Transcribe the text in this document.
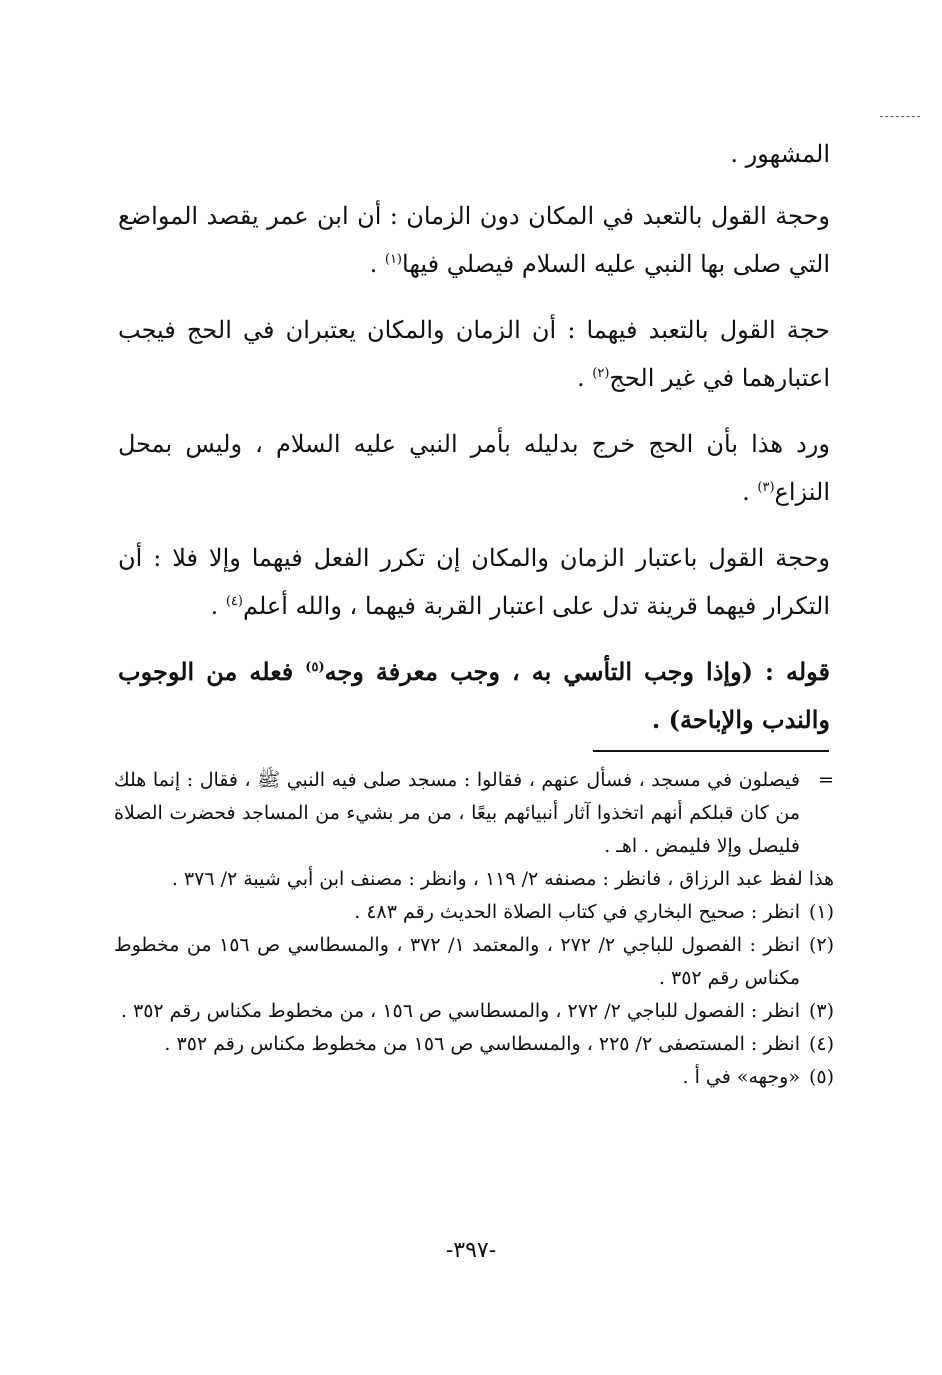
المشهور .

وحجة القول بالتعبد في المكان دون الزمان : أن ابن عمر يقصد المواضع التي صلى بها النبي عليه السلام فيصلي فيها$^{(١)}$ .

حجة القول بالتعبد فيهما : أن الزمان والمكان يعتبران في الحج فيجب اعتبارهما في غير الحج$^{(٢)}$ .

ورد هذا بأن الحج خرج بدليله بأمر النبي عليه السلام ، وليس بمحل النزاع$^{(٣)}$ .

وحجة القول باعتبار الزمان والمكان إن تكرر الفعل فيهما وإلا فلا : أن التكرار فيهما قرينة تدل على اعتبار القربة فيهما ، والله أعلم$^{(٤)}$ .

قوله : (وإذا وجب التأسي به ، وجب معرفة وجه$^{(٥)}$ فعله من الوجوب والندب والإباحة) .

=
فيصلون في مسجد ، فسأل عنهم ، فقالوا : مسجد صلى فيه النبي ﷺ ، فقال : إنما هلك من كان قبلكم أنهم اتخذوا آثار أنبيائهم بيعًا ، من مر بشيء من المساجد فحضرت الصلاة فليصل وإلا فليمض . اهـ .
هذا لفظ عبد الرزاق ، فانظر : مصنفه ٢/ ١١٩ ، وانظر : مصنف ابن أبي شيبة ٢/ ٣٧٦ .
(١)
انظر : صحيح البخاري في كتاب الصلاة الحديث رقم ٤٨٣ .
(٢)
انظر : الفصول للباجي ٢/ ٢٧٢ ، والمعتمد ١/ ٣٧٢ ، والمسطاسي ص ١٥٦ من مخطوط مكناس رقم ٣٥٢ .
(٣)
انظر : الفصول للباجي ٢/ ٢٧٢ ، والمسطاسي ص ١٥٦ ، من مخطوط مكناس رقم ٣٥٢ .
(٤)
انظر : المستصفى ٢/ ٢٢٥ ، والمسطاسي ص ١٥٦ من مخطوط مكناس رقم ٣٥٢ .
(٥)
«وجهه» في أ .
-٣٩٧-
